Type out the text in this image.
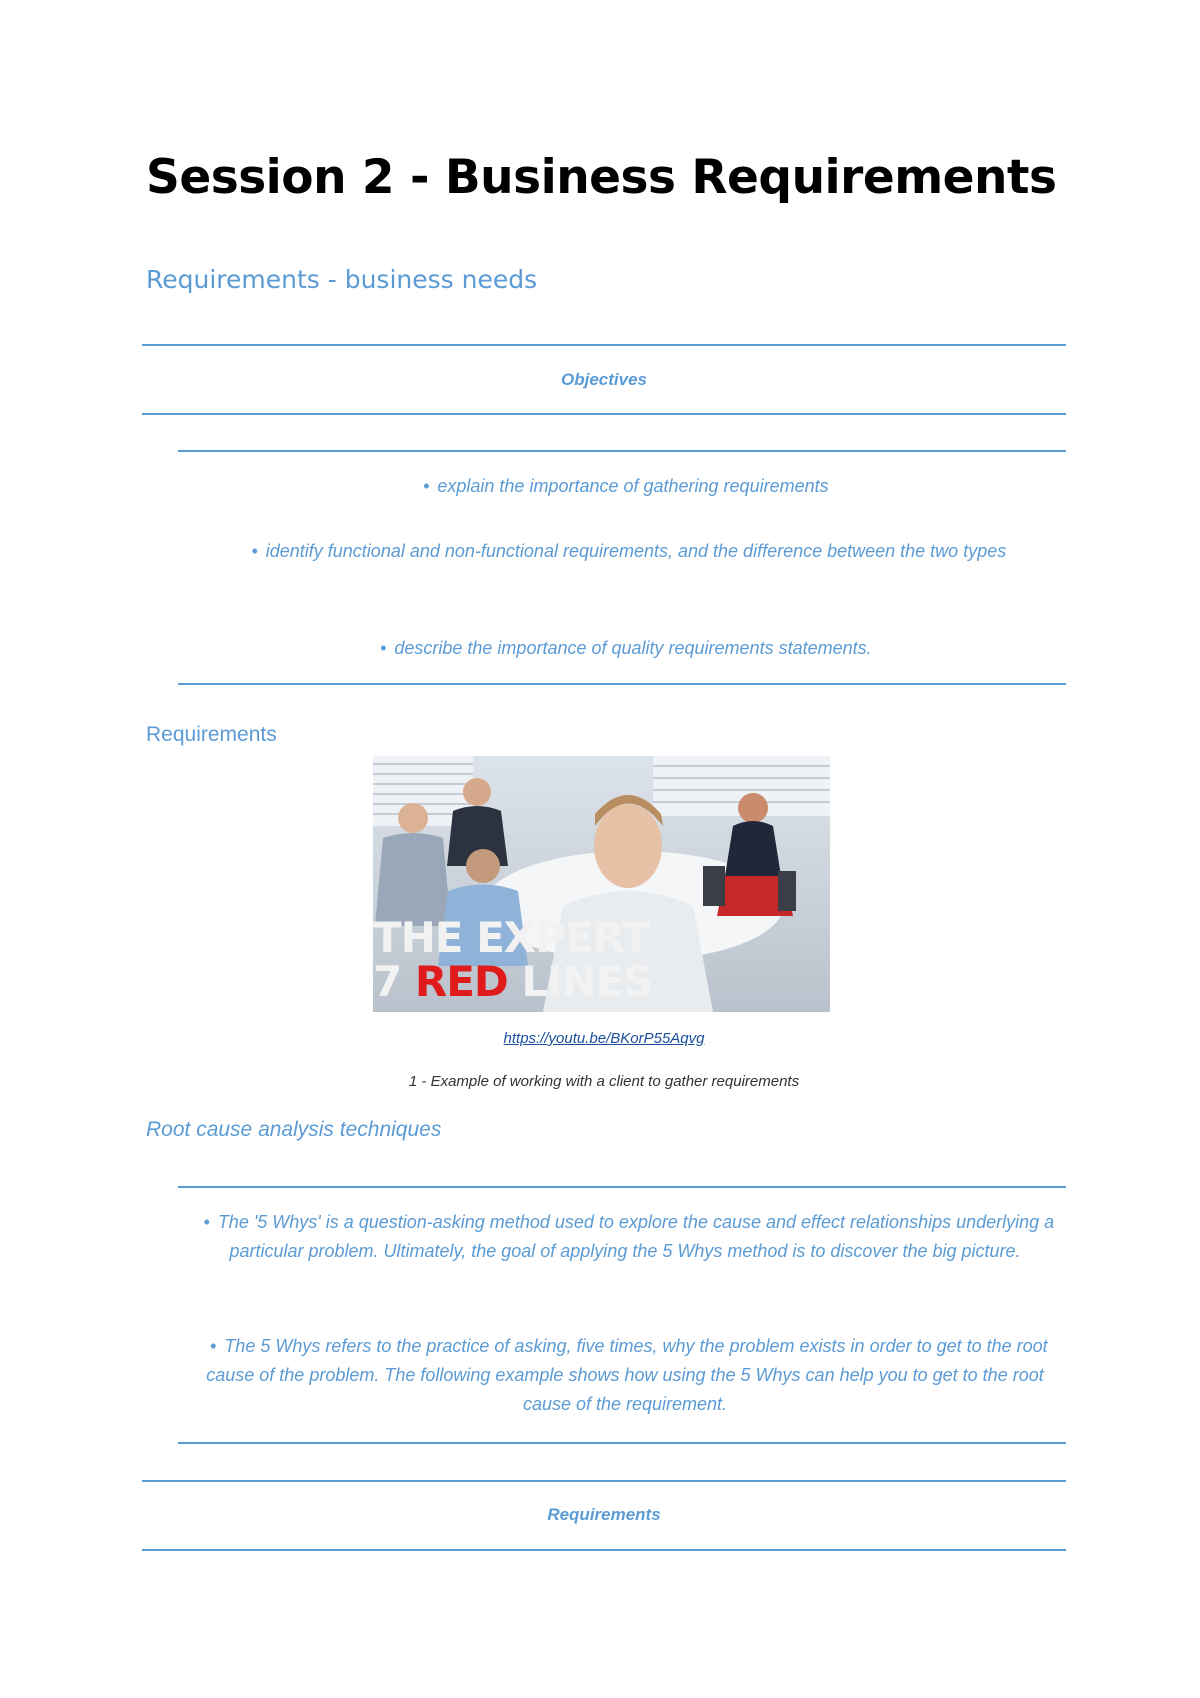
Session 2 - Business Requirements
Requirements - business needs
Objectives
• explain the importance of gathering requirements
• identify functional and non-functional requirements, and the difference between the two types
• describe the importance of quality requirements statements.
Requirements
THE EXPERT
7 RED LINES
https://youtu.be/BKorP55Aqvg
1 - Example of working with a client to gather requirements
Root cause analysis techniques
• The '5 Whys' is a question-asking method used to explore the cause and effect relationships underlying a particular problem. Ultimately, the goal of applying the 5 Whys method is to discover the big picture.
• The 5 Whys refers to the practice of asking, five times, why the problem exists in order to get to the root cause of the problem. The following example shows how using the 5 Whys can help you to get to the root cause of the requirement.
Requirements
